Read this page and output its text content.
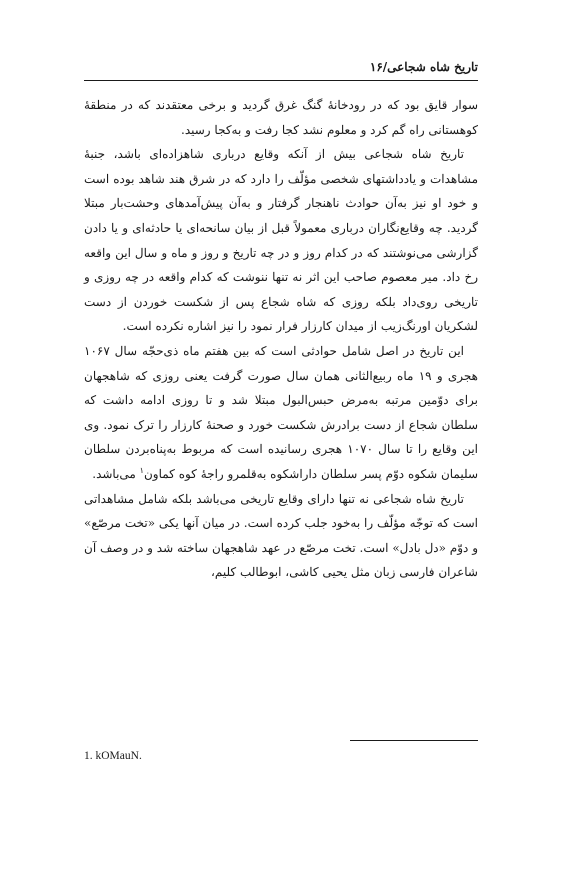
تاریخ شاه شجاعی/۱۶

سوار قایق بود که در رودخانهٔ گنگ غرق گردید و برخی معتقدند که در منطقهٔ کوهستانی راه گم کرد و معلوم نشد کجا رفت و به‌کجا رسید.

تاریخ شاه شجاعی بیش از آنکه وقایع درباری شاهزاده‌ای باشد، جنبهٔ مشاهدات و یادداشتهای شخصی مؤلّف را دارد که در شرق هند شاهد بوده است و خود او نیز به‌آن حوادث ناهنجار گرفتار و به‌آن پیش‌آمدهای وحشت‌بار مبتلا گردید. چه وقایع‌نگاران درباری معمولاً قبل از بیان سانحه‌ای یا حادثه‌ای و یا دادن گزارشی می‌نوشتند که در کدام روز و در چه تاریخ و روز و ماه و سال این واقعه رخ داد. میر معصوم صاحب این اثر نه تنها ننوشت که کدام واقعه در چه روزی و تاریخی روی‌داد بلکه روزی که شاه شجاع پس از شکست خوردن از دست لشکریان اورنگ‌زیب از میدان کارزار فرار نمود را نیز اشاره نکرده است.

این تاریخ در اصل شامل حوادثی است که بین هفتم ماه ذی‌حجّه سال ۱۰۶۷ هجری و ۱۹ ماه ربیع‌الثانی همان سال صورت گرفت یعنی روزی که شاهجهان برای دوّمین مرتبه به‌مرض حبس‌البول مبتلا شد و تا روزی ادامه داشت که سلطان شجاع از دست برادرش شکست خورد و صحنهٔ کارزار را ترک نمود. وی این وقایع را تا سال ۱۰۷۰ هجری رسانیده است که مربوط به‌پناه‌بردن سلطان سلیمان شکوه دوّم پسر سلطان داراشکوه به‌قلمرو راجهٔ کوه کماون$^۱$ می‌باشد.

تاریخ شاه شجاعی نه تنها دارای وقایع تاریخی می‌باشد بلکه شامل مشاهداتی است که توجّه مؤلّف را به‌خود جلب کرده است. در میان آنها یکی «تخت مرصّع» و دوّم «دل بادل» است. تخت مرصّع در عهد شاهجهان ساخته شد و در وصف آن شاعران فارسی زبان مثل یحیی کاشی، ابوطالب کلیم،

1. kOMauN.
